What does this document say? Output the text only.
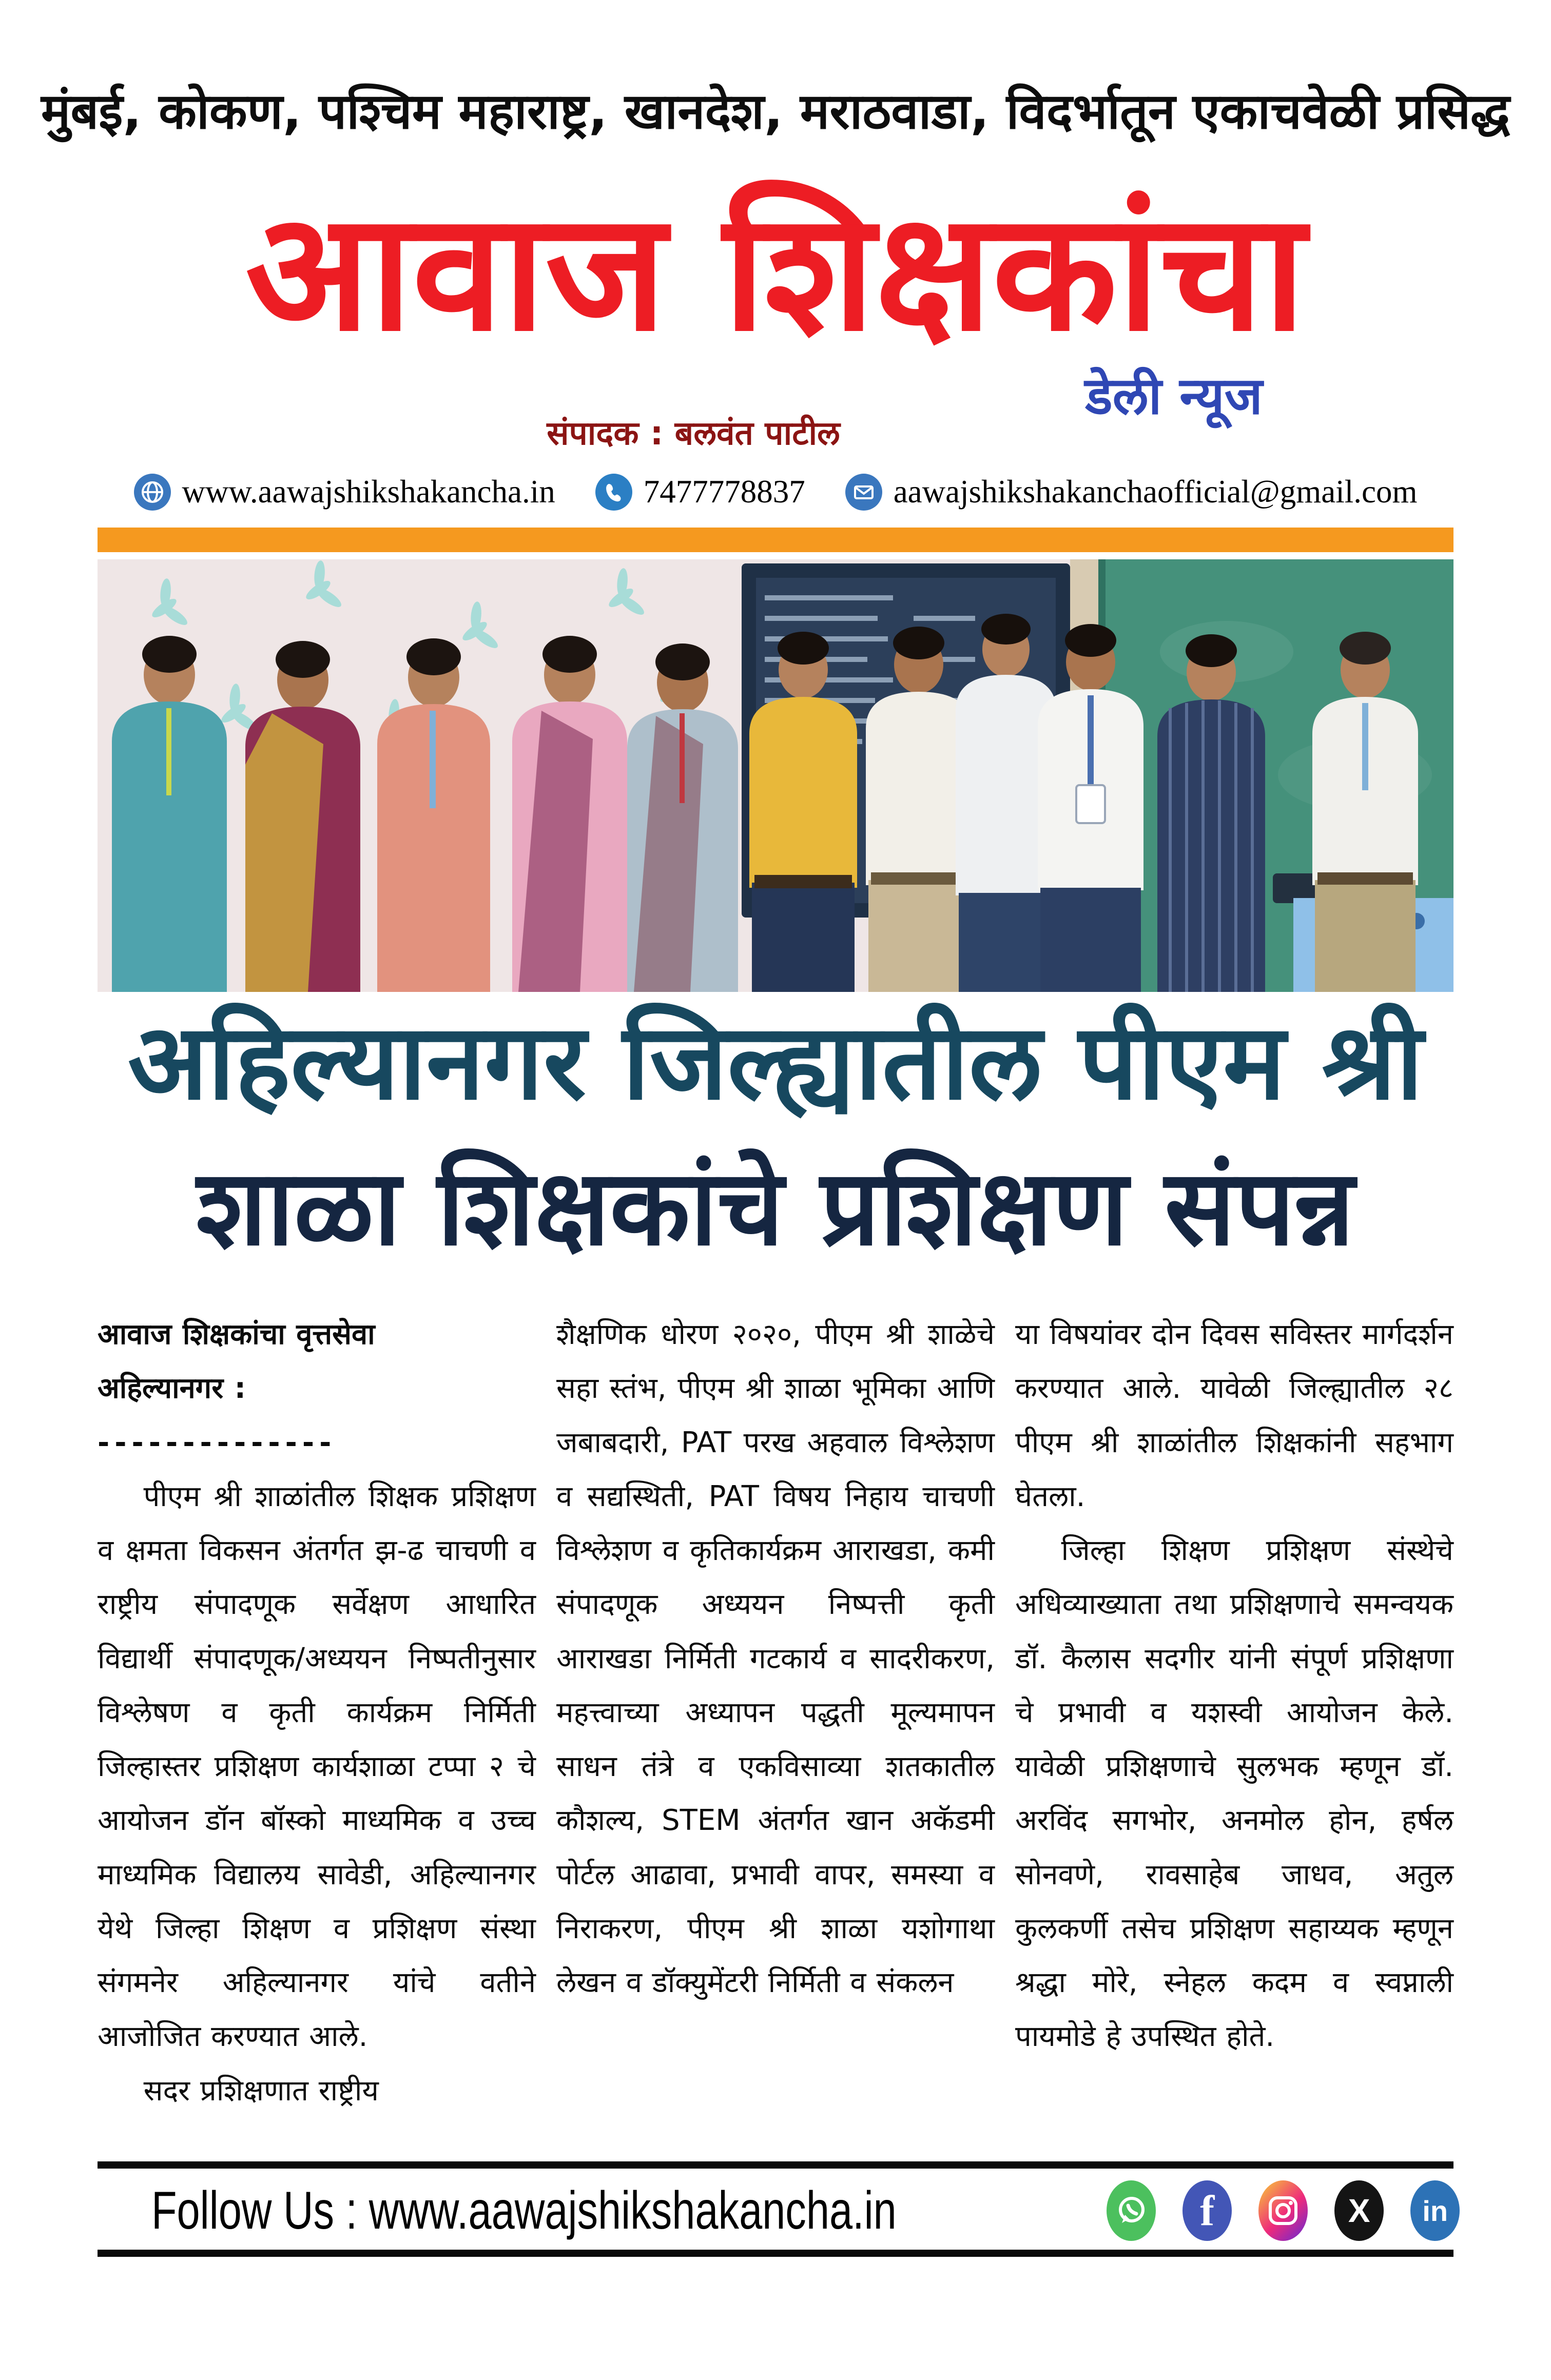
मुंबई, कोकण, पश्चिम महाराष्ट्र, खानदेश, मराठवाडा, विदर्भातून एकाचवेळी प्रसिद्ध
आवाज शिक्षकांचा
संपादक : बलवंत पाटील
डेली न्यूज
www.aawajshikshakancha.in	7477778837	aawajshikshakanchaofficial@gmail.com
अहिल्यानगर जिल्ह्यातील पीएम श्री
शाळा शिक्षकांचे प्रशिक्षण संपन्न

आवाज शिक्षकांचा वृत्तसेवा

अहिल्यानगर :

--------------

पीएम श्री शाळांतील शिक्षक प्रशिक्षण व क्षमता विकसन अंतर्गत झ-ढ चाचणी व राष्ट्रीय संपादणूक सर्वेक्षण आधारित विद्यार्थी संपादणूक/अध्ययन निष्पतीनुसार विश्लेषण व कृती कार्यक्रम निर्मिती जिल्हास्तर प्रशिक्षण कार्यशाळा टप्पा २ चे आयोजन डॉन बॉस्को माध्यमिक व उच्च माध्यमिक विद्यालय सावेडी, अहिल्यानगर येथे जिल्हा शिक्षण व प्रशिक्षण संस्था संगमनेर अहिल्यानगर यांचे वतीने आजोजित करण्यात आले.

सदर प्रशिक्षणात राष्ट्रीय

शैक्षणिक धोरण २०२०, पीएम श्री शाळेचे सहा स्तंभ, पीएम श्री शाळा भूमिका आणि जबाबदारी, PAT परख अहवाल विश्लेशण व सद्यस्थिती, PAT विषय निहाय चाचणी विश्लेशण व कृतिकार्यक्रम आराखडा, कमी संपादणूक अध्ययन निष्पत्ती कृती आराखडा निर्मिती गटकार्य व सादरीकरण, महत्त्वाच्या अध्यापन पद्धती मूल्यमापन साधन तंत्रे व एकविसाव्या शतकातील कौशल्य, STEM अंतर्गत खान अकॅडमी पोर्टल आढावा, प्रभावी वापर, समस्या व निराकरण, पीएम श्री शाळा यशोगाथा लेखन व डॉक्युमेंटरी निर्मिती व संकलन

या विषयांवर दोन दिवस सविस्तर मार्गदर्शन करण्यात आले. यावेळी जिल्ह्यातील २८ पीएम श्री शाळांतील शिक्षकांनी सहभाग घेतला.

जिल्हा शिक्षण प्रशिक्षण संस्थेचे अधिव्याख्याता तथा प्रशिक्षणाचे समन्वयक डॉ. कैलास सदगीर यांनी संपूर्ण प्रशिक्षणा चे प्रभावी व यशस्वी आयोजन केले. यावेळी प्रशिक्षणाचे सुलभक म्हणून डॉ. अरविंद सगभोर, अनमोल होन, हर्षल सोनवणे, रावसाहेब जाधव, अतुल कुलकर्णी तसेच प्रशिक्षण सहाय्यक म्हणून श्रद्धा मोरे, स्नेहल कदम व स्वप्नाली पायमोडे हे उपस्थित होते.

Follow Us : www.aawajshikshakancha.in	f	X in
